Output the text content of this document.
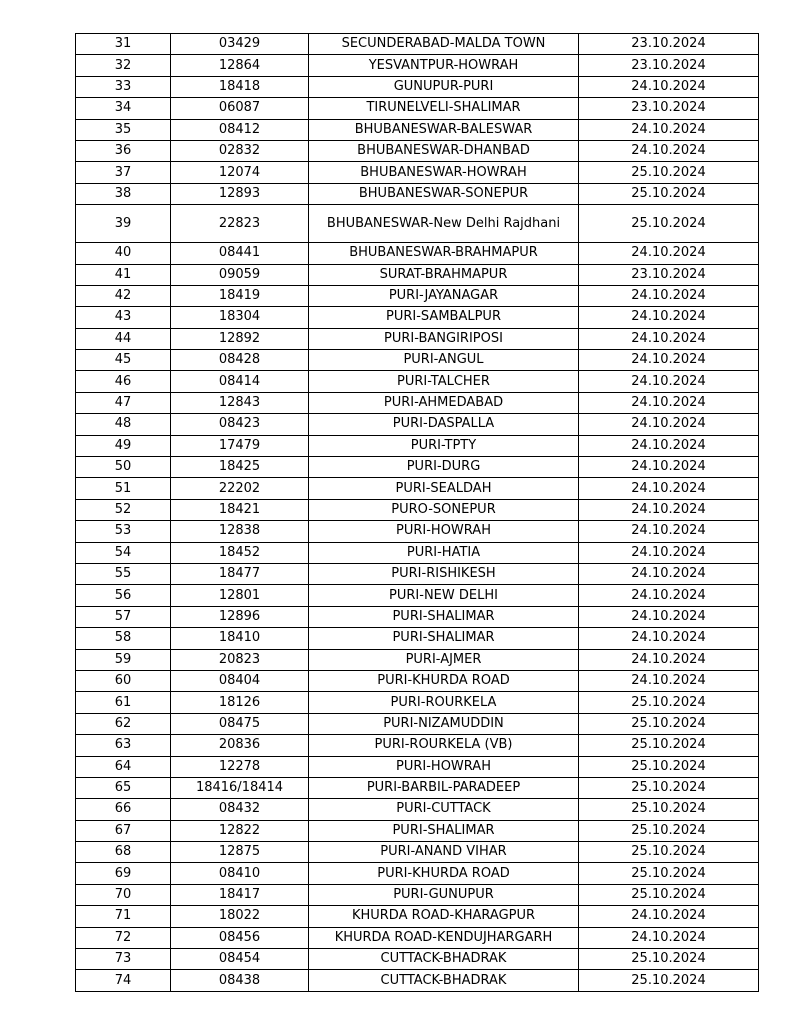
31	03429	SECUNDERABAD-MALDA TOWN	23.10.2024
32	12864	YESVANTPUR-HOWRAH	23.10.2024
33	18418	GUNUPUR-PURI	24.10.2024
34	06087	TIRUNELVELI-SHALIMAR	23.10.2024
35	08412	BHUBANESWAR-BALESWAR	24.10.2024
36	02832	BHUBANESWAR-DHANBAD	24.10.2024
37	12074	BHUBANESWAR-HOWRAH	25.10.2024
38	12893	BHUBANESWAR-SONEPUR	25.10.2024
39	22823	BHUBANESWAR-New Delhi Rajdhani	25.10.2024
40	08441	BHUBANESWAR-BRAHMAPUR	24.10.2024
41	09059	SURAT-BRAHMAPUR	23.10.2024
42	18419	PURI-JAYANAGAR	24.10.2024
43	18304	PURI-SAMBALPUR	24.10.2024
44	12892	PURI-BANGIRIPOSI	24.10.2024
45	08428	PURI-ANGUL	24.10.2024
46	08414	PURI-TALCHER	24.10.2024
47	12843	PURI-AHMEDABAD	24.10.2024
48	08423	PURI-DASPALLA	24.10.2024
49	17479	PURI-TPTY	24.10.2024
50	18425	PURI-DURG	24.10.2024
51	22202	PURI-SEALDAH	24.10.2024
52	18421	PURO-SONEPUR	24.10.2024
53	12838	PURI-HOWRAH	24.10.2024
54	18452	PURI-HATIA	24.10.2024
55	18477	PURI-RISHIKESH	24.10.2024
56	12801	PURI-NEW DELHI	24.10.2024
57	12896	PURI-SHALIMAR	24.10.2024
58	18410	PURI-SHALIMAR	24.10.2024
59	20823	PURI-AJMER	24.10.2024
60	08404	PURI-KHURDA ROAD	24.10.2024
61	18126	PURI-ROURKELA	25.10.2024
62	08475	PURI-NIZAMUDDIN	25.10.2024
63	20836	PURI-ROURKELA (VB)	25.10.2024
64	12278	PURI-HOWRAH	25.10.2024
65	18416/18414	PURI-BARBIL-PARADEEP	25.10.2024
66	08432	PURI-CUTTACK	25.10.2024
67	12822	PURI-SHALIMAR	25.10.2024
68	12875	PURI-ANAND VIHAR	25.10.2024
69	08410	PURI-KHURDA ROAD	25.10.2024
70	18417	PURI-GUNUPUR	25.10.2024
71	18022	KHURDA ROAD-KHARAGPUR	24.10.2024
72	08456	KHURDA ROAD-KENDUJHARGARH	24.10.2024
73	08454	CUTTACK-BHADRAK	25.10.2024
74	08438	CUTTACK-BHADRAK	25.10.2024
